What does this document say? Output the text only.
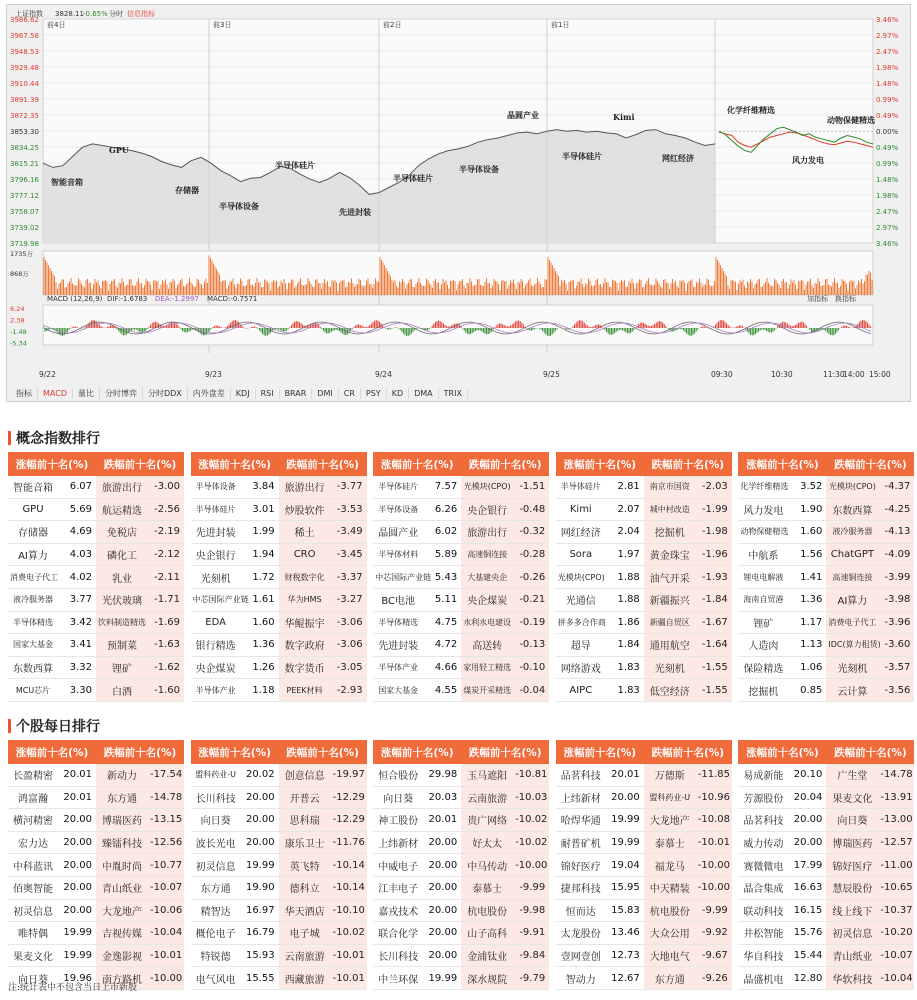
上证指数 3828.11 -0.65% 分时 信息指标
3986.62	3.46%
3967.58	2.97%
3948.53	2.47%
3929.48	1.98%
3910.44	1.48%
3891.39	0.99%
3872.35	0.49%
3853.30	0.00%
3834.25	0.49%
3815.21	0.99%
3796.16	1.48%
3777.12	1.98%
3758.07	2.47%
3739.02	2.97%
3719.98	3.46%
前4日	前3日	前2日	前1日
智能音箱
GPU
存储器
半导体设备
半导体硅片
先进封装
半导体硅片
半导体设备
晶圆产业
半导体硅片
Kimi
网红经济
化学纤维精选
风力发电
动物保健精选
1735万
868万
MACD (12,26,9) DIF:-1.6783 DEA:-1.2997 MACD:-0.7571	加指标 换指标
6.24
2.38
-1.48
-5.34
9/22	9/23	9/24	9/25	09:30	10:30	11:30
14:00 15:00
指标	MACD	量比	分时博弈	分时DDX	内外盘差	KDJ	RSI	BRAR	DMI	CR	PSY	KD	DMA	TRIX
概念指数排行
涨幅前十名(%)		跌幅前十名(%)	
智能音箱	6.07	旅游出行	-3.00
GPU	5.69	航运精选	-2.56
存储器	4.69	免税店	-2.19
AI算力	4.03	磷化工	-2.12
消费电子代工	4.02	乳业	-2.11
液冷服务器	3.77	光伏玻璃	-1.71
半导体精选	3.42	饮料制造精选	-1.69
国家大基金	3.41	预制菜	-1.63
东数西算	3.32	锂矿	-1.62
MCU芯片	3.30	白酒	-1.60
涨幅前十名(%)		跌幅前十名(%)	
半导体设备	3.84	旅游出行	-3.77
半导体硅片	3.01	炒股软件	-3.53
先进封装	1.99	稀土	-3.49
央企银行	1.94	CRO	-3.45
光刻机	1.72	财税数字化	-3.37
中芯国际产业链	1.61	华为HMS	-3.27
EDA	1.60	华鲲振宇	-3.06
银行精选	1.36	数字政府	-3.06
央企煤炭	1.26	数字货币	-3.05
半导体产业	1.18	PEEK材料	-2.93
涨幅前十名(%)		跌幅前十名(%)	
半导体硅片	7.57	光模块(CPO)	-1.51
半导体设备	6.26	央企银行	-0.48
晶圆产业	6.02	旅游出行	-0.32
半导体材料	5.89	高速铜连接	-0.28
中芯国际产业链	5.43	大基建央企	-0.26
BC电池	5.11	央企煤炭	-0.21
半导体精选	4.75	水利水电建设	-0.19
先进封装	4.72	高送转	-0.13
半导体产业	4.66	家用轻工精选	-0.10
国家大基金	4.55	煤炭开采精选	-0.04
涨幅前十名(%)		跌幅前十名(%)	
半导体硅片	2.81	南京市国资	-2.03
Kimi	2.07	城中村改造	-1.99
网红经济	2.04	挖掘机	-1.98
Sora	1.97	黄金珠宝	-1.96
光模块(CPO)	1.88	油气开采	-1.93
光通信	1.88	新疆振兴	-1.84
拼多多合作商	1.86	新疆自贸区	-1.67
超导	1.84	通用航空	-1.64
网络游戏	1.83	光刻机	-1.55
AIPC	1.83	低空经济	-1.55
涨幅前十名(%)		跌幅前十名(%)	
化学纤维精选	3.52	光模块(CPO)	-4.37
风力发电	1.90	东数西算	-4.25
动物保健精选	1.60	液冷服务器	-4.13
中航系	1.56	ChatGPT	-4.09
锂电电解液	1.41	高速铜连接	-3.99
海南自贸港	1.36	AI算力	-3.98
锂矿	1.17	消费电子代工	-3.96
人造肉	1.13	IDC(算力租赁)	-3.60
保险精选	1.06	光刻机	-3.57
挖掘机	0.85	云计算	-3.56
个股每日排行
涨幅前十名(%)		跌幅前十名(%)	
长盈精密	20.01	新动力	-17.54
鸿富瀚	20.01	东方通	-14.78
横河精密	20.00	博瑞医药	-13.15
宏力达	20.00	臻镭科技	-12.56
中科蓝讯	20.00	中胤时尚	-10.77
佰奥智能	20.00	青山纸业	-10.07
初灵信息	20.00	大龙地产	-10.06
唯特偶	19.99	吉视传媒	-10.04
果麦文化	19.99	金逸影视	-10.01
向日葵	19.96	南方路机	-10.00
涨幅前十名(%)		跌幅前十名(%)	
盟科药业-U	20.02	创意信息	-19.97
长川科技	20.00	开普云	-12.29
向日葵	20.00	思科瑞	-12.29
波长光电	20.00	康乐卫士	-11.76
初灵信息	19.99	英飞特	-10.14
东方通	19.90	德科立	-10.14
精智达	16.97	华天酒店	-10.10
概伦电子	16.79	电子城	-10.02
特锐德	15.93	云南旅游	-10.01
电气风电	15.55	西藏旅游	-10.01
涨幅前十名(%)		跌幅前十名(%)	
恒合股份	29.98	玉马遮阳	-10.81
向日葵	20.03	云南旅游	-10.03
神工股份	20.01	贵广网络	-10.02
上纬新材	20.00	好太太	-10.02
中威电子	20.00	中马传动	-10.00
江丰电子	20.00	泰慕士	-9.99
嘉戎技术	20.00	杭电股份	-9.98
联合化学	20.00	山子高科	-9.91
长川科技	20.00	金浦钛业	-9.84
中兰环保	19.99	深水规院	-9.79
涨幅前十名(%)		跌幅前十名(%)	
品茗科技	20.01	万德斯	-11.85
上纬新材	20.00	盟科药业-U	-10.96
哈焊华通	19.99	大龙地产	-10.08
耐普矿机	19.99	泰慕士	-10.01
锦好医疗	19.04	福龙马	-10.00
捷邦科技	15.95	中天精装	-10.00
恒而达	15.83	杭电股份	-9.99
太龙股份	13.46	大众公用	-9.92
壹网壹创	12.73	大地电气	-9.67
智动力	12.67	东方通	-9.26
涨幅前十名(%)		跌幅前十名(%)	
易成新能	20.10	广生堂	-14.78
芳源股份	20.04	果麦文化	-13.91
品茗科技	20.00	向日葵	-13.00
威力传动	20.00	博瑞医药	-12.57
赛微微电	17.99	锦好医疗	-11.00
晶合集成	16.63	慧辰股份	-10.65
联动科技	16.15	线上线下	-10.37
井松智能	15.76	初灵信息	-10.20
华自科技	15.44	青山纸业	-10.07
晶盛机电	12.80	华软科技	-10.04
注:统计表中不包含当日上市新股
